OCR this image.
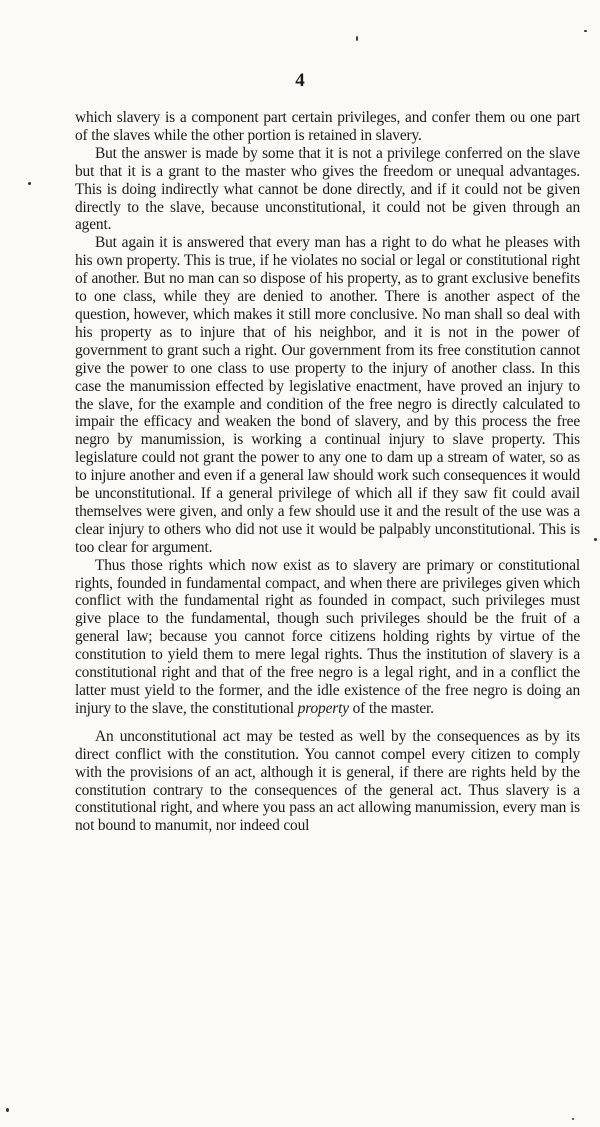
4

which slavery is a component part certain privileges, and confer them ou one part of the slaves while the other portion is retained in slavery.

But the answer is made by some that it is not a privilege conferred on the slave but that it is a grant to the master who gives the freedom or unequal advantages. This is doing indirectly what cannot be done directly, and if it could not be given directly to the slave, because unconstitutional, it could not be given through an agent.

But again it is answered that every man has a right to do what he pleases with his own property. This is true, if he violates no social or legal or constitutional right of another. But no man can so dispose of his property, as to grant exclusive benefits to one class, while they are denied to another. There is another aspect of the question, however, which makes it still more conclusive. No man shall so deal with his property as to injure that of his neighbor, and it is not in the power of government to grant such a right. Our government from its free constitution cannot give the power to one class to use property to the injury of another class. In this case the manumission effected by legislative enactment, have proved an injury to the slave, for the example and condition of the free negro is directly calculated to impair the efficacy and weaken the bond of slavery, and by this process the free negro by manumission, is working a continual injury to slave property. This legislature could not grant the power to any one to dam up a stream of water, so as to injure another and even if a general law should work such consequences it would be unconstitutional. If a general privilege of which all if they saw fit could avail themselves were given, and only a few should use it and the result of the use was a clear injury to others who did not use it would be palpably unconstitutional. This is too clear for argument.

Thus those rights which now exist as to slavery are primary or constitutional rights, founded in fundamental compact, and when there are privileges given which conflict with the fundamental right as founded in compact, such privileges must give place to the fundamental, though such privileges should be the fruit of a general law; because you cannot force citizens holding rights by virtue of the constitution to yield them to mere legal rights. Thus the institution of slavery is a constitutional right and that of the free negro is a legal right, and in a conflict the latter must yield to the former, and the idle existence of the free negro is doing an injury to the slave, the constitutional property of the master.

An unconstitutional act may be tested as well by the consequences as by its direct conflict with the constitution. You cannot compel every citizen to comply with the provisions of an act, although it is general, if there are rights held by the constitution contrary to the consequences of the general act. Thus slavery is a constitutional right, and where you pass an act allowing manumission, every man is not bound to manumit, nor indeed coul
